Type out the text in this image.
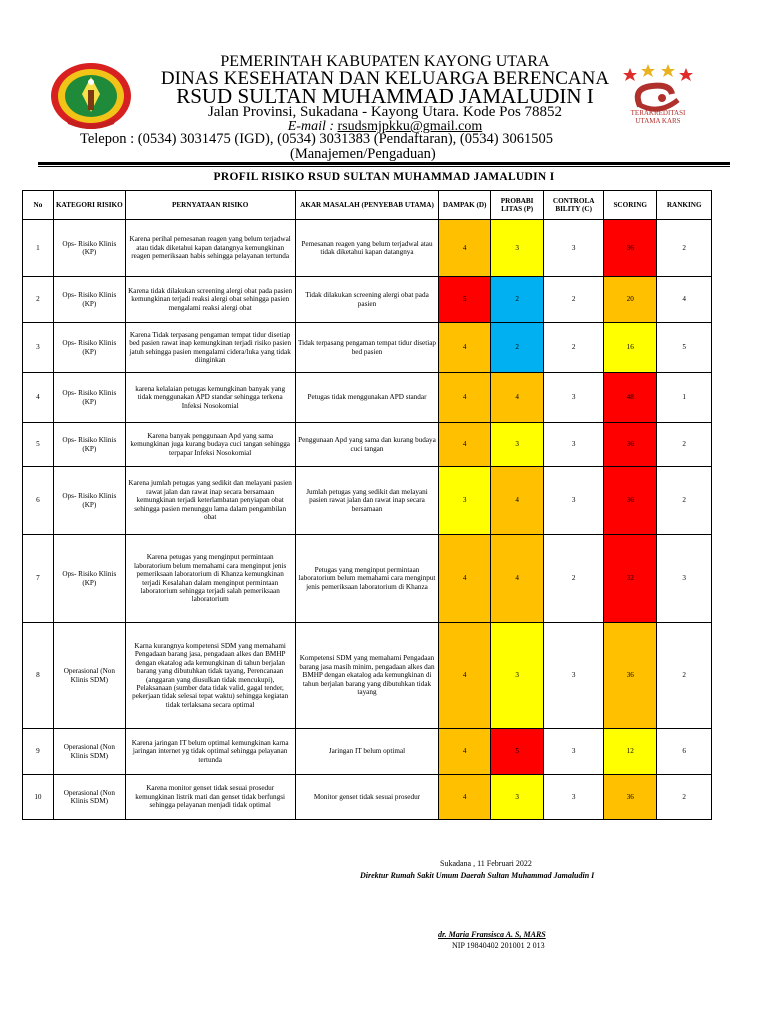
PEMERINTAH KABUPATEN KAYONG UTARA
DINAS KESEHATAN DAN KELUARGA BERENCANA
RSUD SULTAN MUHAMMAD JAMALUDIN I
Jalan Provinsi, Sukadana - Kayong Utara. Kode Pos 78852
E-mail : rsudsmjpkku@gmail.com
Telepon : (0534) 3031475 (IGD), (0534) 3031383 (Pendaftaran), (0534) 3061505
(Manajemen/Pengaduan)
TERAKREDITASI UTAMA KARS
PROFIL RISIKO RSUD SULTAN MUHAMMAD JAMALUDIN I
No	KATEGORI RISIKO	PERNYATAAN RISIKO	AKAR MASALAH (PENYEBAB UTAMA)	DAMPAK (D)	PROBABI LITAS (P)	CONTROLA BILITY (C)	SCORING	RANKING
1	Ops- Risiko Klinis (KP)	Karena perihal pemesanan reagen yang belum terjadwal atau tidak diketahui kapan datangnya kemungkinan reagen pemeriksaan habis sehingga pelayanan tertunda	Pemesanan reagen yang belum terjadwal atau tidak diketahui kapan datangnya	4	3	3	36	2
2	Ops- Risiko Klinis (KP)	Karena tidak dilakukan screening alergi obat pada pasien kemungkinan terjadi reaksi alergi obat sehingga pasien mengalami reaksi alergi obat	Tidak dilakukan screening alergi obat pada pasien	5	2	2	20	4
3	Ops- Risiko Klinis (KP)	Karena Tidak terpasang pengaman tempat tidur disetiap bed pasien rawat inap kemungkinan terjadi risiko pasien jatuh sehingga pasien mengalami cidera/luka yang tidak diinginkan	Tidak terpasang pengaman tempat tidur disetiap bed pasien	4	2	2	16	5
4	Ops- Risiko Klinis (KP)	karena kelalaian petugas kemungkinan banyak yang tidak menggunakan APD standar sehingga terkena Infeksi Nosokomial	Petugas tidak menggunakan APD standar	4	4	3	48	1
5	Ops- Risiko Klinis (KP)	Karena banyak penggunaan Apd yang sama kemungkinan juga kurang budaya cuci tangan sehingga terpapar Infeksi Nosokomial	Penggunaan Apd yang sama dan kurang budaya cuci tangan	4	3	3	36	2
6	Ops- Risiko Klinis (KP)	Karena jumlah petugas yang sedikit dan melayani pasien rawat jalan dan rawat inap secara bersamaan kemungkinan terjadi keterlambatan penyiapan obat sehingga pasien menunggu lama dalam pengambilan obat	Jumlah petugas yang sedikit dan melayani pasien rawat jalan dan rawat inap secara bersamaan	3	4	3	36	2
7	Ops- Risiko Klinis (KP)	Karena petugas yang menginput permintaan laboratorium belum memahami cara menginput jenis pemeriksaan laboratorium di Khanza kemungkinan terjadi Kesalahan dalam menginput permintaan laboratorium sehingga terjadi salah pemeriksaan laboratorium	Petugas yang menginput permintaan laboratorium belum memahami cara menginput jenis pemeriksaan laboratorium di Khanza	4	4	2	32	3
8	Operasional (Non Klinis SDM)	Karna kurangnya kompetensi SDM yang memahami Pengadaan barang jasa, pengadaan alkes dan BMHP dengan ekatalog ada kemungkinan di tahun berjalan barang yang dibutuhkan tidak tayang, Perencanaan (anggaran yang diusulkan tidak mencukupi), Pelaksanaan (sumber data tidak valid, gagal tender, pekerjaan tidak selesai tepat waktu) sehingga kegiatan tidak terlaksana secara optimal	Kompetensi SDM yang memahami Pengadaan barang jasa masih minim, pengadaan alkes dan BMHP dengan ekatalog ada kemungkinan di tahun berjalan barang yang dibutuhkan tidak tayang	4	3	3	36	2
9	Operasional (Non Klinis SDM)	Karena jaringan IT belum optimal kemungkinan karna jaringan internet yg tidak optimal sehingga pelayanan tertunda	Jaringan IT belum optimal	4	5	3	12	6
10	Operasional (Non Klinis SDM)	Karena monitor genset tidak sesuai prosedur kemungkinan listrik mati dan genset tidak berfungsi sehingga pelayanan menjadi tidak optimal	Monitor genset tidak sesuai prosedur	4	3	3	36	2
Sukadana , 11 Februari 2022
Direktur Rumah Sakit Umum Daerah Sultan Muhammad Jamaludin I
dr. Maria Fransisca A. S, MARS
NIP 19840402 201001 2 013
